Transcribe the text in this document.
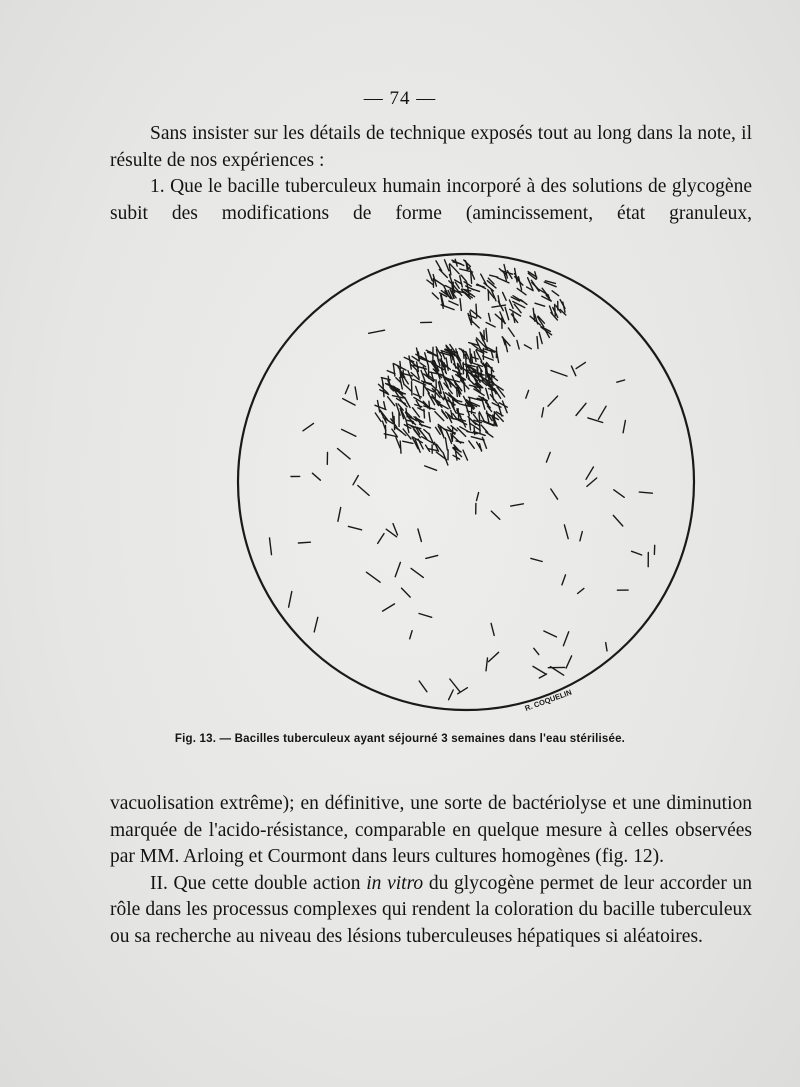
— 74 —

Sans insister sur les détails de technique exposés tout au long dans la note, il résulte de nos expériences :

1. Que le bacille tuberculeux humain incorporé à des solutions de glycogène subit des modifications de forme (amincissement, état granuleux,

R. COQUELIN
Fig. 13. — Bacilles tuberculeux ayant séjourné 3 semaines dans l'eau stérilisée.

vacuolisation extrême); en définitive, une sorte de bactériolyse et une diminution marquée de l'acido-résistance, comparable en quelque mesure à celles observées par MM. Arloing et Courmont dans leurs cultures homogènes (fig. 12).

II. Que cette double action in vitro du glycogène permet de leur accorder un rôle dans les processus complexes qui rendent la coloration du bacille tuberculeux ou sa recherche au niveau des lésions tuberculeuses hépatiques si aléatoires.
